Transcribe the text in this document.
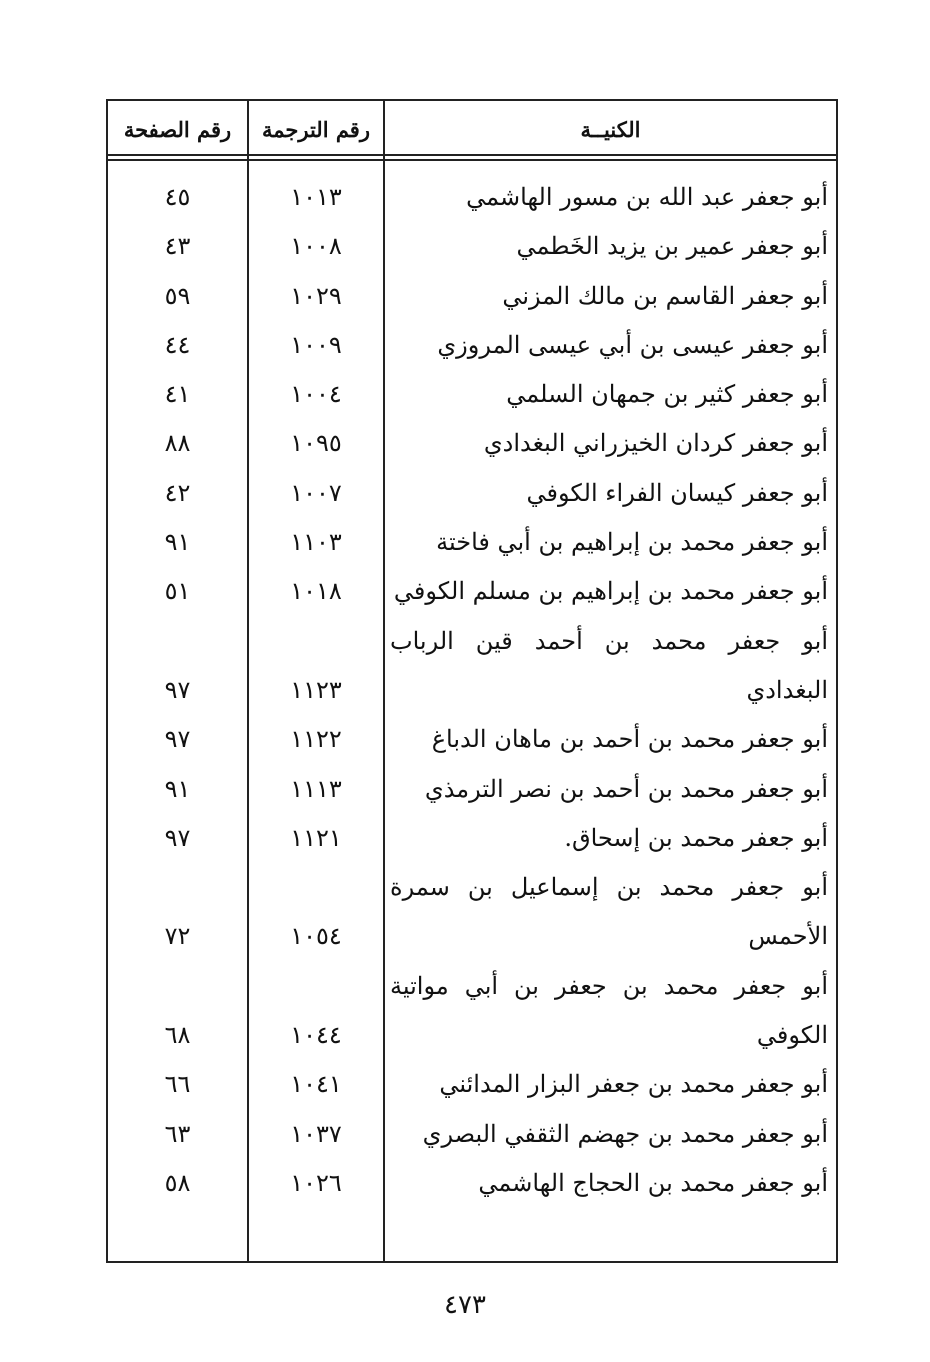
الكنيــة
رقم الترجمة
رقم الصفحة
أبو جعفر عبد الله بن مسور الهاشمي
١٠١٣
٤٥
أبو جعفر عمير بن يزيد الخَطمي
١٠٠٨
٤٣
أبو جعفر القاسم بن مالك المزني
١٠٢٩
٥٩
أبو جعفر عيسى بن أبي عيسى المروزي
١٠٠٩
٤٤
أبو جعفر كثير بن جمهان السلمي
١٠٠٤
٤١
أبو جعفر كردان الخيزراني البغدادي
١٠٩٥
٨٨
أبو جعفر كيسان الفراء الكوفي
١٠٠٧
٤٢
أبو جعفر محمد بن إبراهيم بن أبي فاختة
١١٠٣
٩١
أبو جعفر محمد بن إبراهيم بن مسلم الكوفي
١٠١٨
٥١
أبو جعفر محمد بن أحمد قين الرباب البغدادي
١١٢٣
٩٧
أبو جعفر محمد بن أحمد بن ماهان الدباغ
١١٢٢
٩٧
أبو جعفر محمد بن أحمد بن نصر الترمذي
١١١٣
٩١
أبو جعفر محمد بن إسحاق.
١١٢١
٩٧
أبو جعفر محمد بن إسماعيل بن سمرة الأحمس
١٠٥٤
٧٢
أبو جعفر محمد بن جعفر بن أبي مواتية الكوفي
١٠٤٤
٦٨
أبو جعفر محمد بن جعفر البزار المدائني
١٠٤١
٦٦
أبو جعفر محمد بن جهضم الثقفي البصري
١٠٣٧
٦٣
أبو جعفر محمد بن الحجاج الهاشمي
١٠٢٦
٥٨
٤٧٣
